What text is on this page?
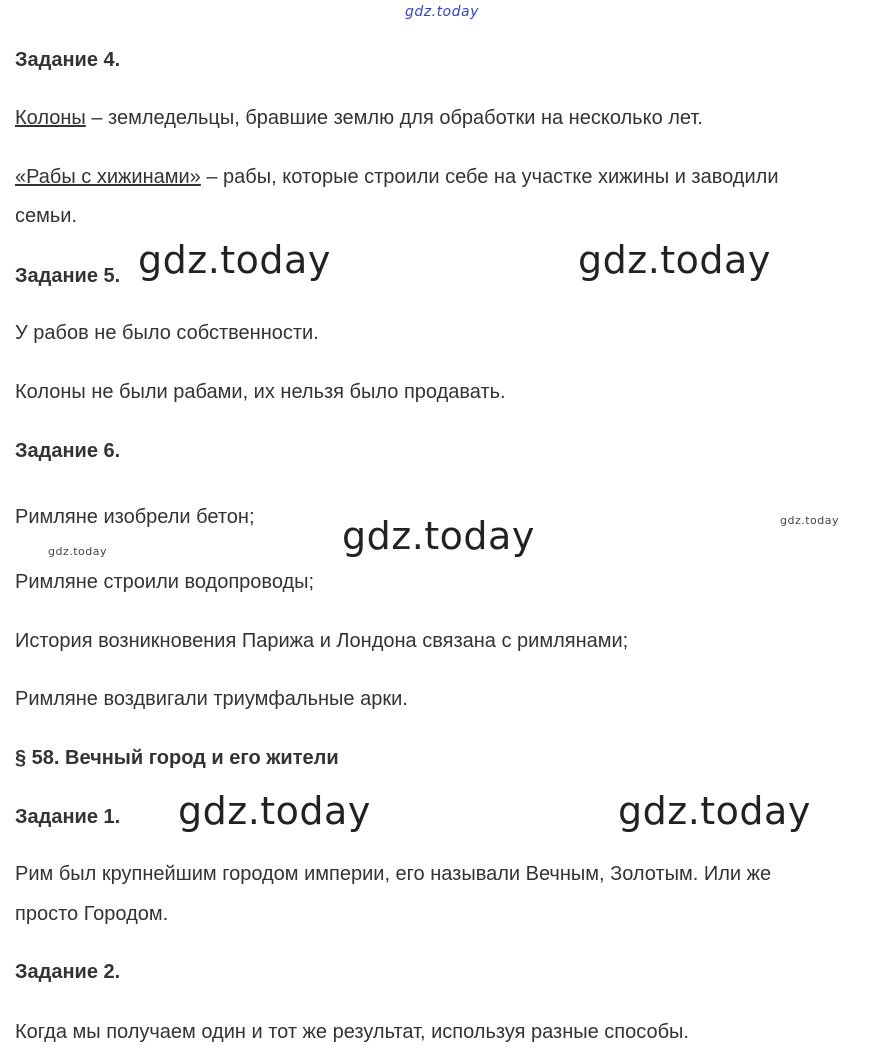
gdz.today
gdz.today	gdz.today
gdz.today	gdz.today
gdz.today
gdz.today	gdz.today
Задание 4.
Колоны – земледельцы, бравшие землю для обработки на несколько лет.
«Рабы с хижинами» – рабы, которые строили себе на участке хижины и заводили
семьи.
Задание 5.
У рабов не было собственности.
Колоны не были рабами, их нельзя было продавать.
Задание 6.
Римляне изобрели бетон;
Римляне строили водопроводы;
История возникновения Парижа и Лондона связана с римлянами;
Римляне воздвигали триумфальные арки.
§ 58. Вечный город и его жители
Задание 1.
Рим был крупнейшим городом империи, его называли Вечным, Золотым. Или же
просто Городом.
Задание 2.
Когда мы получаем один и тот же результат, используя разные способы.
